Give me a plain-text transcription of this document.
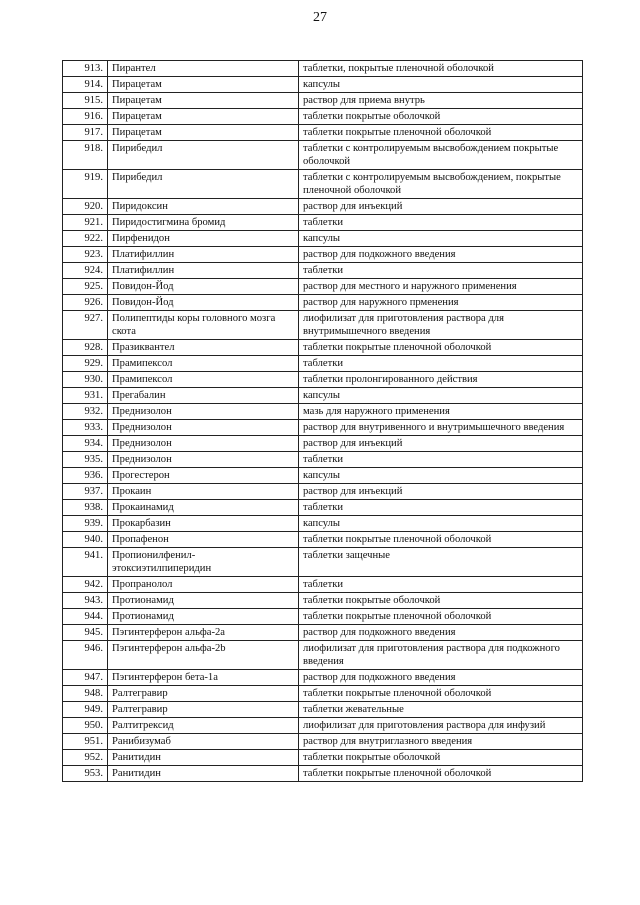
27
913.	Пирантел	таблетки, покрытые пленочной оболочкой
914.	Пирацетам	капсулы
915.	Пирацетам	раствор для приема внутрь
916.	Пирацетам	таблетки покрытые оболочкой
917.	Пирацетам	таблетки покрытые пленочной оболочкой
918.	Пирибедил	таблетки с контролируемым высвобождением покрытые оболочкой
919.	Пирибедил	таблетки с контролируемым высвобождением, покрытые пленочной оболочкой
920.	Пиридоксин	раствор для инъекций
921.	Пиридостигмина бромид	таблетки
922.	Пирфенидон	капсулы
923.	Платифиллин	раствор для подкожного введения
924.	Платифиллин	таблетки
925.	Повидон-Йод	раствор для местного и наружного применения
926.	Повидон-Йод	раствор для наружного прменения
927.	Полипептиды коры головного мозга скота	лиофилизат для приготовления раствора для внутримышечного введения
928.	Празиквантел	таблетки покрытые пленочной оболочкой
929.	Прамипексол	таблетки
930.	Прамипексол	таблетки пролонгированного действия
931.	Прегабалин	капсулы
932.	Преднизолон	мазь для наружного применения
933.	Преднизолон	раствор для внутривенного и внутримышечного введения
934.	Преднизолон	раствор для инъекций
935.	Преднизолон	таблетки
936.	Прогестерон	капсулы
937.	Прокаин	раствор для инъекций
938.	Прокаинамид	таблетки
939.	Прокарбазин	капсулы
940.	Пропафенон	таблетки покрытые пленочной оболочкой
941.	Пропионилфенил-этоксиэтилпиперидин	таблетки защечные
942.	Пропранолол	таблетки
943.	Протионамид	таблетки покрытые оболочкой
944.	Протионамид	таблетки покрытые пленочной оболочкой
945.	Пэгинтерферон альфа-2a	раствор для подкожного введения
946.	Пэгинтерферон альфа-2b	лиофилизат для приготовления раствора для подкожного введения
947.	Пэгинтерферон бета-1a	раствор для подкожного введения
948.	Ралтегравир	таблетки покрытые пленочной оболочкой
949.	Ралтегравир	таблетки жевательные
950.	Ралтитрексид	лиофилизат для приготовления раствора для инфузий
951.	Ранибизумаб	раствор для внутриглазного введения
952.	Ранитидин	таблетки покрытые оболочкой
953.	Ранитидин	таблетки покрытые пленочной оболочкой
